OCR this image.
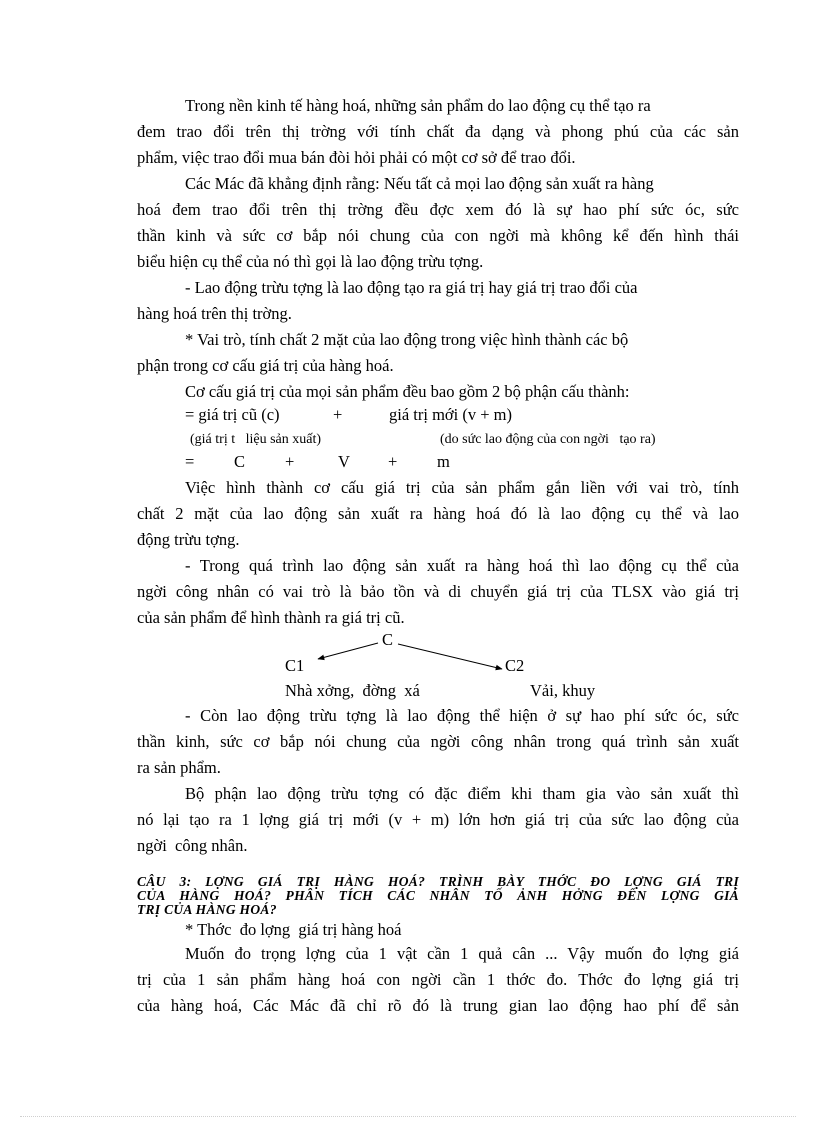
Trong nền kinh tế hàng hoá, những sản phẩm do lao động cụ thể tạo ra
đem trao đổi trên thị trờng với tính chất đa dạng và phong phú của các sản
phẩm, việc trao đổi mua bán đòi hỏi phải có một cơ sở để trao đổi.
Các Mác đã khẳng định rằng: Nếu tất cả mọi lao động sản xuất ra hàng
hoá đem trao đổi trên thị trờng đều đợc xem đó là sự hao phí sức óc, sức
thần kinh và sức cơ bắp nói chung của con ngời mà không kể đến hình thái
biểu hiện cụ thể của nó thì gọi là lao động trừu tợng.
- Lao động trừu tợng là lao động tạo ra giá trị hay giá trị trao đổi của
hàng hoá trên thị trờng.
* Vai trò, tính chất 2 mặt của lao động trong việc hình thành các bộ
phận trong cơ cấu giá trị của hàng hoá.
Cơ cấu giá trị của mọi sản phẩm đều bao gồm 2 bộ phận cấu thành:
= giá trị cũ (c)	+	giá trị mới (v + m)
(giá trị t   liệu sản xuất)	(do sức lao động của con ngời   tạo ra)
= C +	V + m
Việc hình thành cơ cấu giá trị của sản phẩm gắn liền với vai trò, tính
chất 2 mặt của lao động sản xuất ra hàng hoá đó là lao động cụ thể và lao
động trừu tợng.
- Trong quá trình lao động sản xuất ra hàng hoá thì lao động cụ thể của
ngời công nhân có vai trò là bảo tồn và di chuyển giá trị của TLSX vào giá trị
của sản phẩm để hình thành ra giá trị cũ.
C
C1	C2
Nhà xởng,  đờng  xá	Vải, khuy
- Còn lao động trừu tợng là lao động thể hiện ở sự hao phí sức óc, sức
thần kinh, sức cơ bắp nói chung của ngời công nhân trong quá trình sản xuất
ra sản phẩm.
Bộ phận lao động trừu tợng có đặc điểm khi tham gia vào sản xuất thì
nó lại tạo ra 1 lợng giá trị mới (v + m) lớn hơn giá trị của sức lao động của
ngời  công nhân.
CÂU 3: LỢNG GIÁ TRỊ HÀNG HOÁ? TRÌNH BÀY THỚC ĐO LỢNG GIÁ TRỊ
CỦA HÀNG HOÁ? PHÂN TÍCH CÁC NHÂN TỐ ẢNH HỞNG ĐẾN LỢNG GIÁ
TRỊ CỦA HÀNG HOÁ?
* Thớc  đo lợng  giá trị hàng hoá
Muốn đo trọng lợng của 1 vật cần 1 quả cân ... Vậy muốn đo lợng giá
trị của 1 sản phẩm hàng hoá con ngời cần 1 thớc đo. Thớc đo lợng giá trị
của hàng hoá, Các Mác đã chỉ rõ đó là trung gian lao động hao phí để sản
